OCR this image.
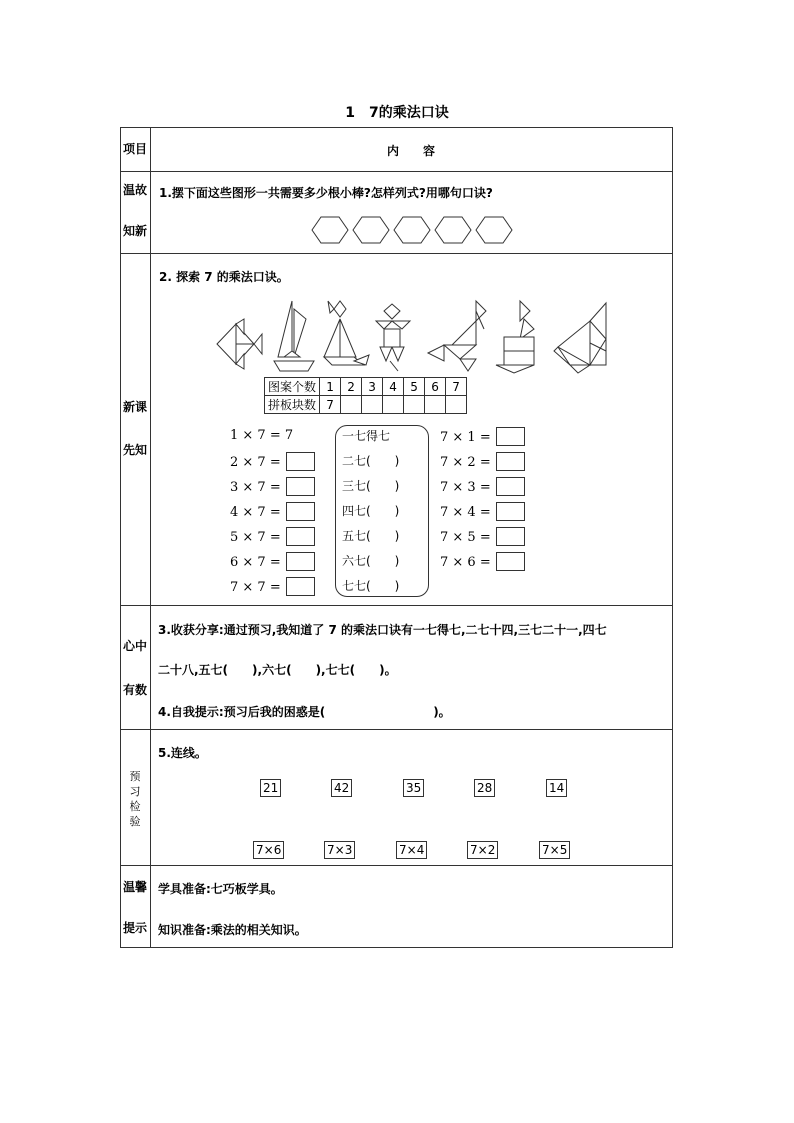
1　7的乘法口诀
项目	内　　容
温故
知新
1.摆下面这些图形一共需要多少根小棒?怎样列式?用哪句口诀?
新课
先知
2. 探索 7 的乘法口诀。
图案个数	1	2	3	4	5	6	7
拼板块数	7						
1 × 7 = 7
2 × 7 =
3 × 7 =
4 × 7 =
5 × 7 =
6 × 7 =
7 × 7 =
一七得七
二七(　　)
三七(　　)
四七(　　)
五七(　　)
六七(　　)
七七(　　)
7 × 1 =
7 × 2 =
7 × 3 =
7 × 4 =
7 × 5 =
7 × 6 =
心中
有数
3.收获分享:通过预习,我知道了 7 的乘法口诀有一七得七,二七十四,三七二十一,四七
二十八,五七(　　),六七(　　),七七(　　)。
4.自我提示:预习后我的困惑是(　　　　　　　　　)。
预
习
检
验
5.连线。
21	42	35	28	14
7×6	7×3	7×4	7×2	7×5
温馨
提示
学具准备:七巧板学具。
知识准备:乘法的相关知识。
